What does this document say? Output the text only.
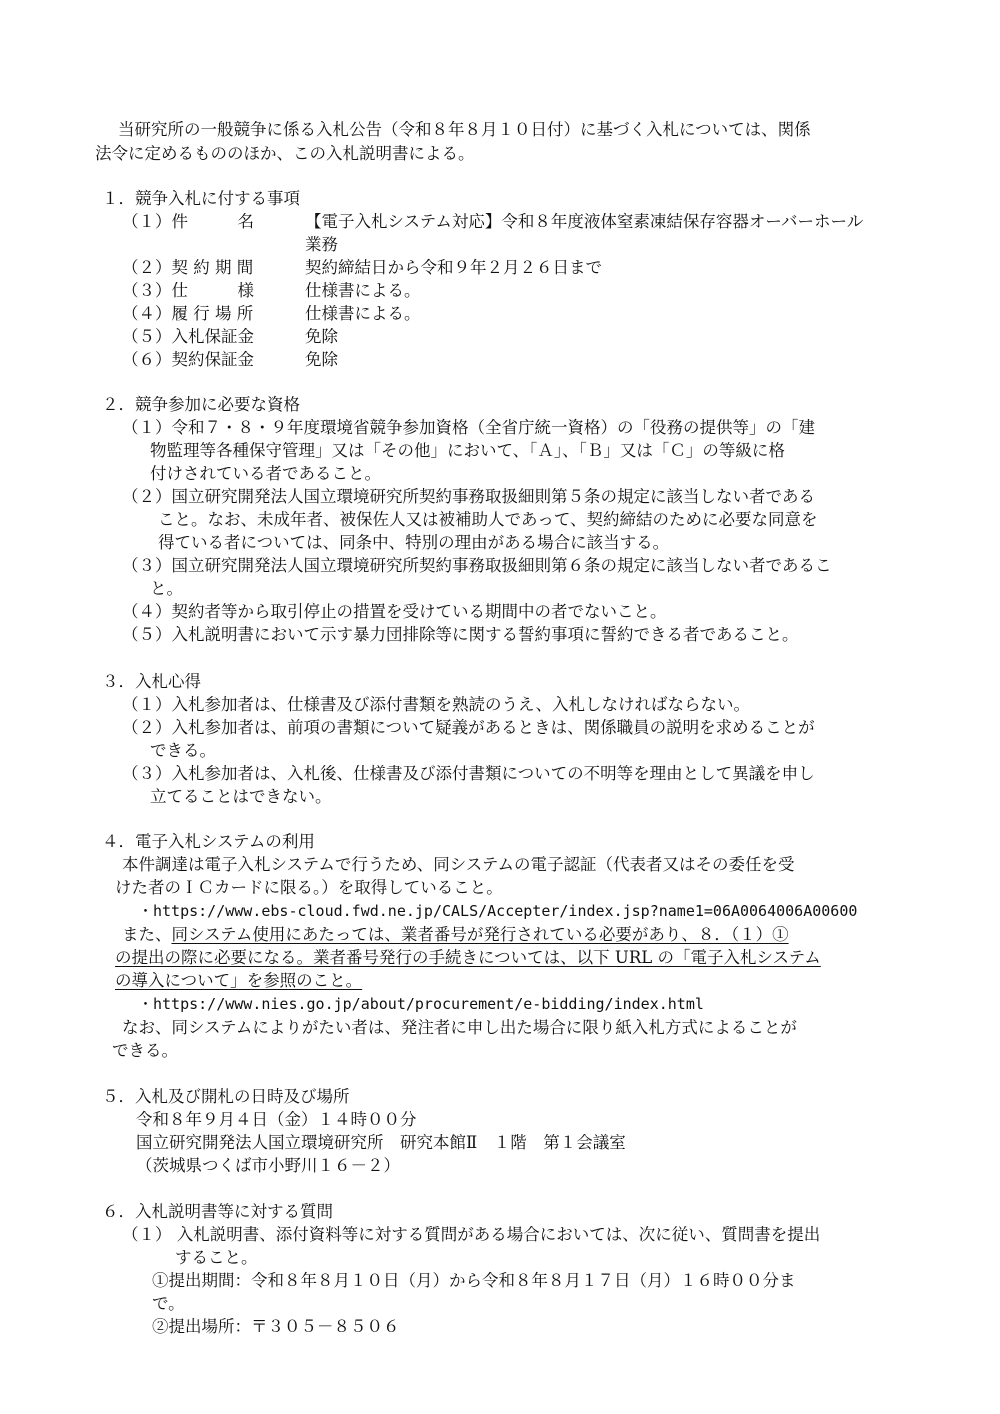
当研究所の一般競争に係る入札公告（令和８年８月１０日付）に基づく入札については、関係
法令に定めるもののほか、この入札説明書による。
１．競争入札に付する事項
（１）件　　　名	【電子入札システム対応】令和８年度液体窒素凍結保存容器オーバーホール
業務
（２）契 約 期 間	契約締結日から令和９年２月２６日まで
（３）仕　　　様	仕様書による。
（４）履 行 場 所	仕様書による。
（５）入札保証金	免除
（６）契約保証金	免除
２．競争参加に必要な資格
（１）令和７・８・９年度環境省競争参加資格（全省庁統一資格）の「役務の提供等」の「建
物監理等各種保守管理」又は「その他」において、「Ａ」、「Ｂ」又は「Ｃ」の等級に格
付けされている者であること。
（２）国立研究開発法人国立環境研究所契約事務取扱細則第５条の規定に該当しない者である
こと。なお、未成年者、被保佐人又は被補助人であって、契約締結のために必要な同意を
得ている者については、同条中、特別の理由がある場合に該当する。
（３）国立研究開発法人国立環境研究所契約事務取扱細則第６条の規定に該当しない者であるこ
と。
（４）契約者等から取引停止の措置を受けている期間中の者でないこと。
（５）入札説明書において示す暴力団排除等に関する誓約事項に誓約できる者であること。
３．入札心得
（１）入札参加者は、仕様書及び添付書類を熟読のうえ、入札しなければならない。
（２）入札参加者は、前項の書類について疑義があるときは、関係職員の説明を求めることが
できる。
（３）入札参加者は、入札後、仕様書及び添付書類についての不明等を理由として異議を申し
立てることはできない。
４．電子入札システムの利用
本件調達は電子入札システムで行うため、同システムの電子認証（代表者又はその委任を受
けた者のＩＣカードに限る。）を取得していること。
・https://www.ebs-cloud.fwd.ne.jp/CALS/Accepter/index.jsp?name1=06A0064006A00600
また、同システム使用にあたっては、業者番号が発行されている必要があり、８．（１）①
の提出の際に必要になる。業者番号発行の手続きについては、以下 URL の「電子入札システム
の導入について」を参照のこと。
・https://www.nies.go.jp/about/procurement/e-bidding/index.html
なお、同システムによりがたい者は、発注者に申し出た場合に限り紙入札方式によることが
できる。
５．入札及び開札の日時及び場所
令和８年９月４日（金）１４時００分
国立研究開発法人国立環境研究所　研究本館Ⅱ　１階　第１会議室
（茨城県つくば市小野川１６－２）
６．入札説明書等に対する質問
（１） 入札説明書、添付資料等に対する質問がある場合においては、次に従い、質問書を提出
すること。
①提出期間：令和８年８月１０日（月）から令和８年８月１７日（月）１６時００分ま
で。
②提出場所：〒３０５－８５０６
